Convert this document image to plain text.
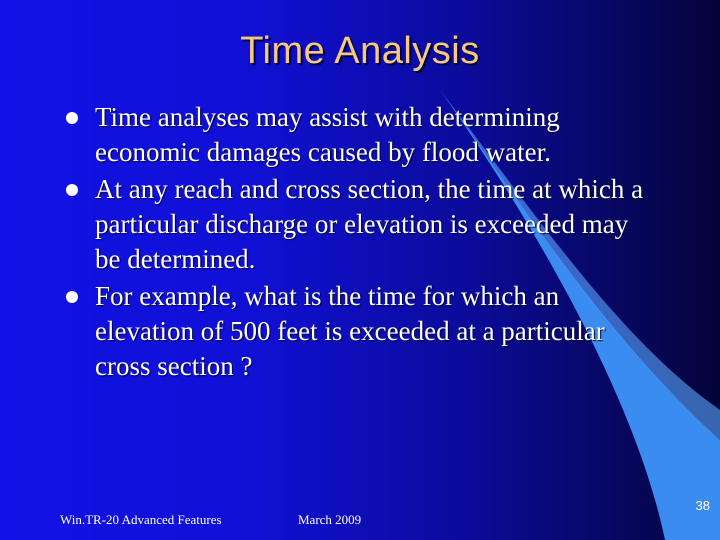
Time Analysis
Time analyses may assist with determining economic damages caused by flood water.
At any reach and cross section, the time at which a particular discharge or elevation is exceeded may be determined.
For example, what is the time for which an elevation of 500 feet is exceeded at a particular cross section ?
Win.TR-20 Advanced Features	March 2009
38
